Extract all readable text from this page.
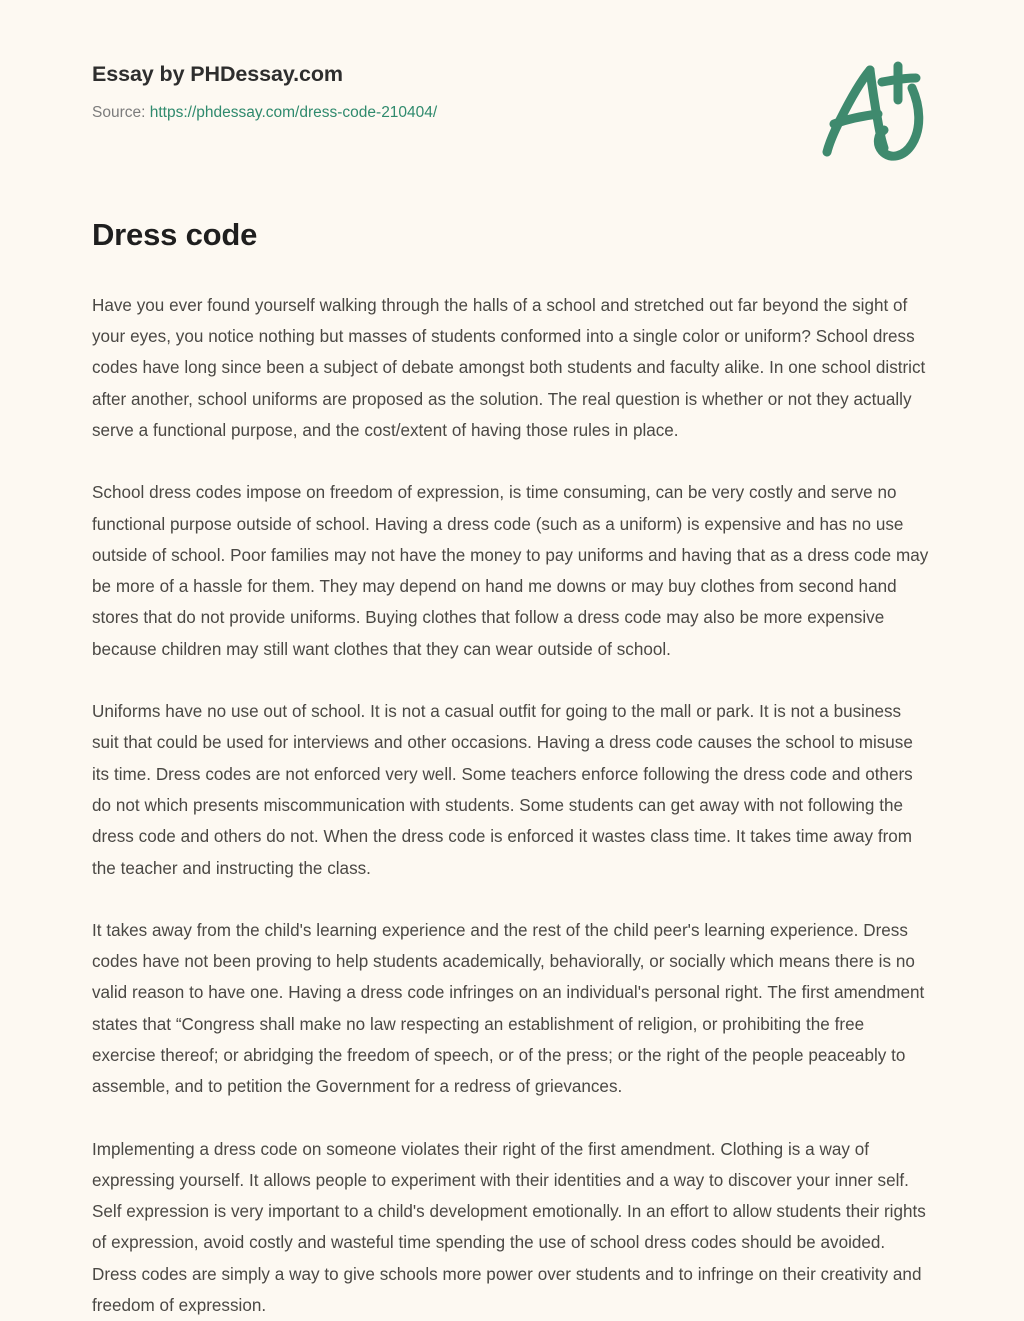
Essay by PHDessay.com
Source: https://phdessay.com/dress-code-210404/
Dress code

Have you ever found yourself walking through the halls of a school and stretched out far beyond the sight of your eyes, you notice nothing but masses of students conformed into a single color or uniform? School dress codes have long since been a subject of debate amongst both students and faculty alike. In one school district after another, school uniforms are proposed as the solution. The real question is whether or not they actually serve a functional purpose, and the cost/extent of having those rules in place.

School dress codes impose on freedom of expression, is time consuming, can be very costly and serve no functional purpose outside of school. Having a dress code (such as a uniform) is expensive and has no use outside of school. Poor families may not have the money to pay uniforms and having that as a dress code may be more of a hassle for them. They may depend on hand me downs or may buy clothes from second hand stores that do not provide uniforms. Buying clothes that follow a dress code may also be more expensive because children may still want clothes that they can wear outside of school.

Uniforms have no use out of school. It is not a casual outfit for going to the mall or park. It is not a business suit that could be used for interviews and other occasions. Having a dress code causes the school to misuse its time. Dress codes are not enforced very well. Some teachers enforce following the dress code and others do not which presents miscommunication with students. Some students can get away with not following the dress code and others do not. When the dress code is enforced it wastes class time. It takes time away from the teacher and instructing the class.

It takes away from the child's learning experience and the rest of the child peer's learning experience. Dress codes have not been proving to help students academically, behaviorally, or socially which means there is no valid reason to have one. Having a dress code infringes on an individual's personal right. The first amendment states that “Congress shall make no law respecting an establishment of religion, or prohibiting the free exercise thereof; or abridging the freedom of speech, or of the press; or the right of the people peaceably to assemble, and to petition the Government for a redress of grievances.

Implementing a dress code on someone violates their right of the first amendment. Clothing is a way of expressing yourself. It allows people to experiment with their identities and a way to discover your inner self. Self expression is very important to a child's development emotionally. In an effort to allow students their rights of expression, avoid costly and wasteful time spending the use of school dress codes should be avoided. Dress codes are simply a way to give schools more power over students and to infringe on their creativity and freedom of expression.
